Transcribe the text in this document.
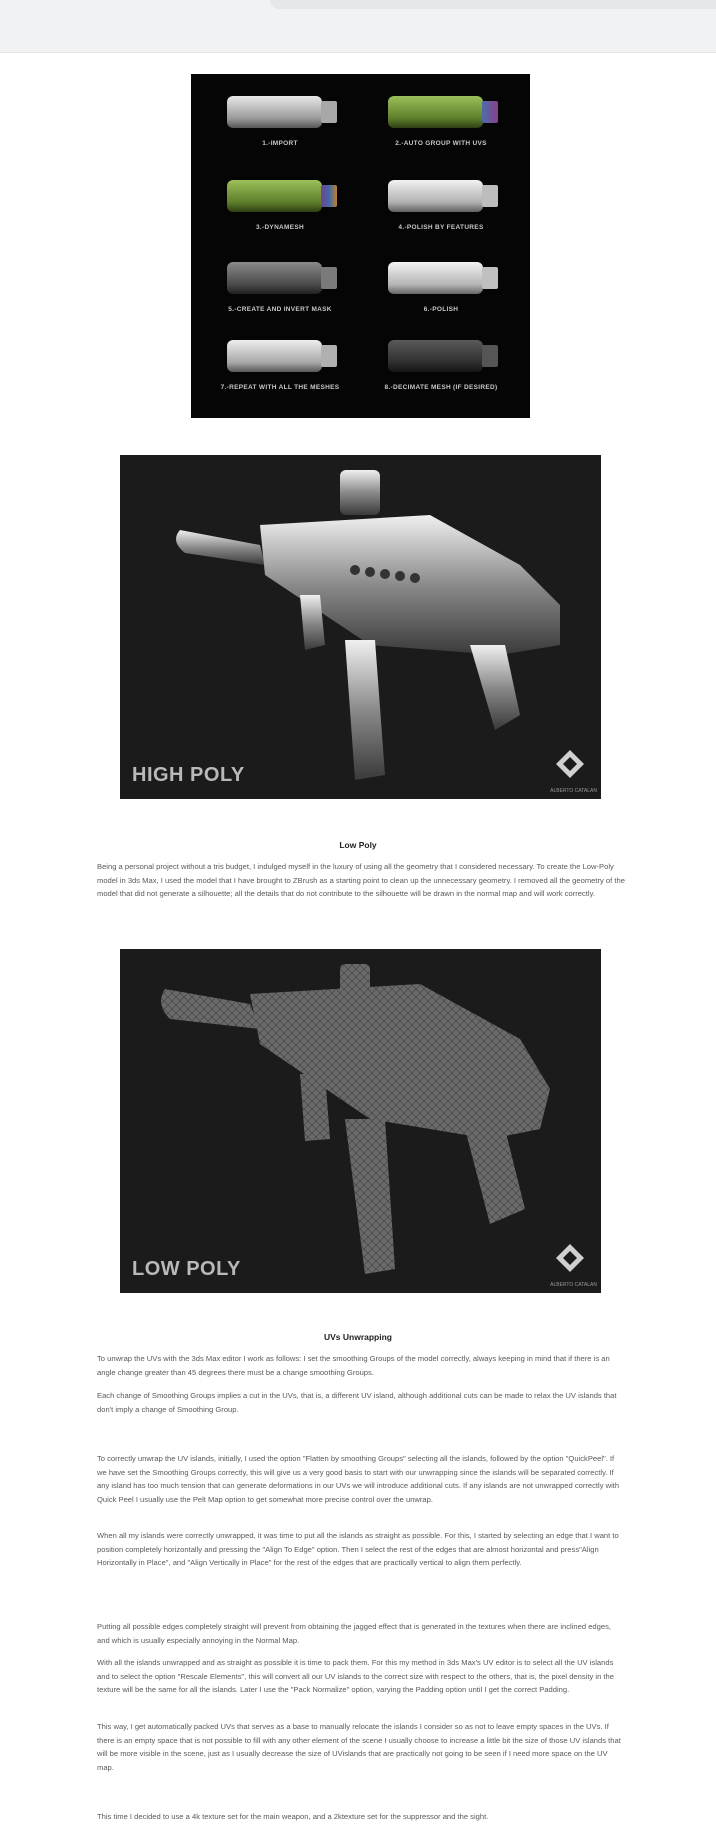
1.-IMPORT	2.-AUTO GROUP WITH UVS
3.-DYNAMESH	4.-POLISH BY FEATURES
5.-CREATE AND INVERT MASK	6.-POLISH
7.-REPEAT WITH ALL THE MESHES	8.-DECIMATE MESH (IF DESIRED)
HIGH POLY
ALBERTO CATALAN
Low Poly

Being a personal project without a tris budget, I indulged myself in the luxury of using all the geometry that I considered necessary. To create the Low-Poly model in 3ds Max, I used the model that I have brought to ZBrush as a starting point to clean up the unnecessary geometry. I removed all the geometry of the model that did not generate a silhouette; all the details that do not contribute to the silhouette will be drawn in the normal map and will work correctly.

LOW POLY
ALBERTO CATALAN
UVs Unwrapping

To unwrap the UVs with the 3ds Max editor I work as follows: I set the smoothing Groups of the model correctly, always keeping in mind that if there is an angle change greater than 45 degrees there must be a change smoothing Groups.

Each change of Smoothing Groups implies a cut in the UVs, that is, a different UV island, although additional cuts can be made to relax the UV islands that don't imply a change of Smoothing Group.

To correctly unwrap the UV islands, initially, I used the option "Flatten by smoothing Groups" selecting all the islands, followed by the option "QuickPeel". If we have set the Smoothing Groups correctly, this will give us a very good basis to start with our unwrapping since the islands will be separated correctly. If any island has too much tension that can generate deformations in our UVs we will introduce additional cuts. If any islands are not unwrapped correctly with Quick Peel I usually use the Pelt Map option to get somewhat more precise control over the unwrap.

When all my islands were correctly unwrapped, it was time to put all the islands as straight as possible. For this, I started by selecting an edge that I want to position completely horizontally and pressing the "Align To Edge" option. Then I select the rest of the edges that are almost horizontal and press"Align Horizontally in Place", and "Align Vertically in Place" for the rest of the edges that are practically vertical to align them perfectly.

Putting all possible edges completely straight will prevent from obtaining the jagged effect that is generated in the textures when there are inclined edges, and which is usually especially annoying in the Normal Map.

With all the islands unwrapped and as straight as possible it is time to pack them. For this my method in 3ds Max's UV editor is to select all the UV islands and to select the option "Rescale Elements", this will convert all our UV islands to the correct size with respect to the others, that is, the pixel density in the texture will be the same for all the islands. Later I use the "Pack Normalize" option, varying the Padding option until I get the correct Padding.

This way, I get automatically packed UVs that serves as a base to manually relocate the islands I consider so as not to leave empty spaces in the UVs. If there is an empty space that is not possible to fill with any other element of the scene I usually choose to increase a little bit the size of those UV islands that will be more visible in the scene, just as I usually decrease the size of UVislands that are practically not going to be seen if I need more space on the UV map.

This time I decided to use a 4k texture set for the main weapon, and a 2ktexture set for the suppressor and the sight.
